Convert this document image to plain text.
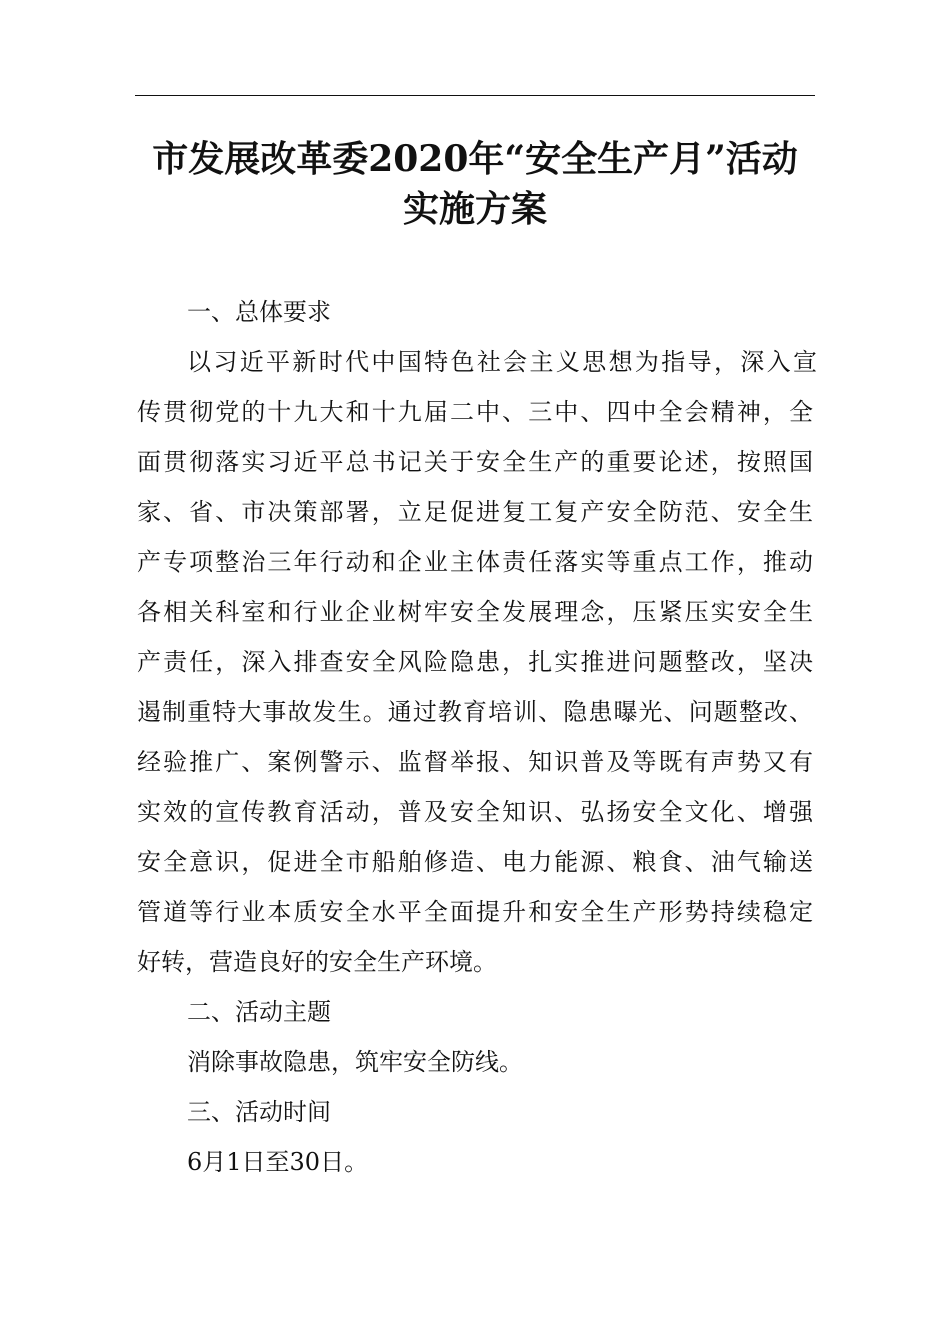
市发展改革委2020年“安全生产月”活动
实施方案
一、总体要求
以习近平新时代中国特色社会主义思想为指导，深入宣
传贯彻党的十九大和十九届二中、三中、四中全会精神，全
面贯彻落实习近平总书记关于安全生产的重要论述，按照国
家、省、市决策部署，立足促进复工复产安全防范、安全生
产专项整治三年行动和企业主体责任落实等重点工作，推动
各相关科室和行业企业树牢安全发展理念，压紧压实安全生
产责任，深入排查安全风险隐患，扎实推进问题整改，坚决
遏制重特大事故发生。通过教育培训、隐患曝光、问题整改、
经验推广、案例警示、监督举报、知识普及等既有声势又有
实效的宣传教育活动，普及安全知识、弘扬安全文化、增强
安全意识，促进全市船舶修造、电力能源、粮食、油气输送
管道等行业本质安全水平全面提升和安全生产形势持续稳定
好转，营造良好的安全生产环境。
二、活动主题
消除事故隐患，筑牢安全防线。
三、活动时间
6月1日至30日。
